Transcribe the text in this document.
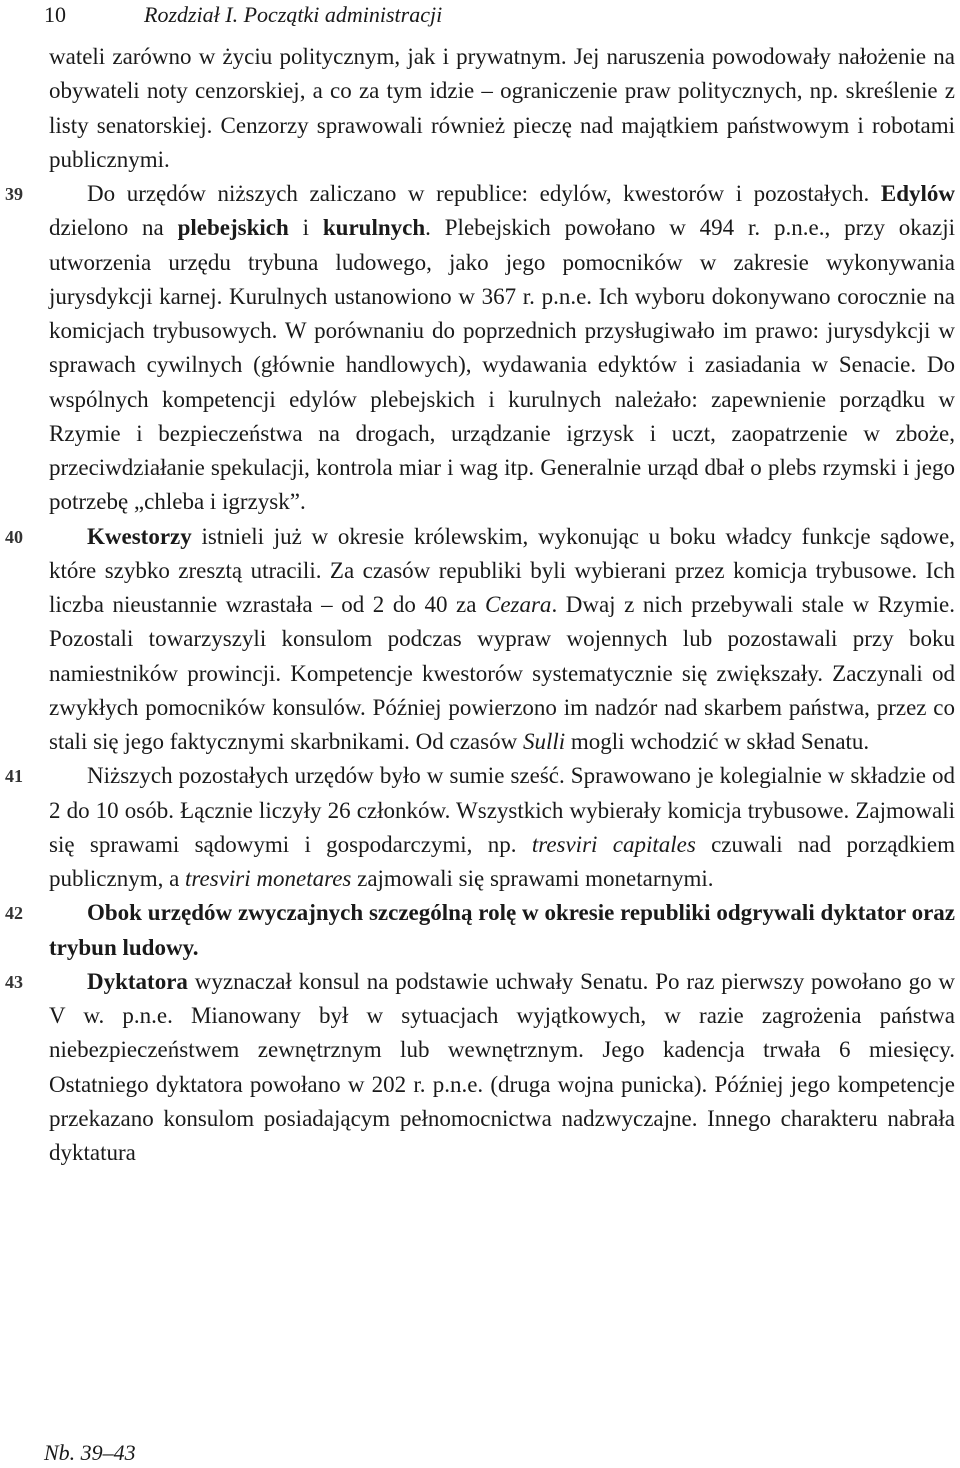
10	Rozdział I. Początki administracji

wateli zarówno w życiu politycznym, jak i prywatnym. Jej naruszenia powodowały nałożenie na obywateli noty cenzorskiej, a co za tym idzie – ograniczenie praw politycznych, np. skreślenie z listy senatorskiej. Cenzorzy sprawowali również pieczę nad majątkiem państwowym i robotami publicznymi.

39	Do urzędów niższych zaliczano w republice: edylów, kwestorów i pozostałych. Edylów dzielono na plebejskich i kurulnych. Plebejskich powołano w 494 r. p.n.e., przy okazji utworzenia urzędu trybuna ludowego, jako jego pomocników w zakresie wykonywania jurysdykcji karnej. Kurulnych ustanowiono w 367 r. p.n.e. Ich wyboru dokonywano corocznie na komicjach trybusowych. W porównaniu do poprzednich przysługiwało im prawo: jurysdykcji w sprawach cywilnych (głównie handlowych), wydawania edyktów i zasiadania w Senacie. Do wspólnych kompetencji edylów plebejskich i kurulnych należało: zapewnienie porządku w Rzymie i bezpieczeństwa na drogach, urządzanie igrzysk i uczt, zaopatrzenie w zboże, przeciwdziałanie spekulacji, kontrola miar i wag itp. Generalnie urząd dbał o plebs rzymski i jego potrzebę „chleba i igrzysk”.

40	Kwestorzy istnieli już w okresie królewskim, wykonując u boku władcy funkcje sądowe, które szybko zresztą utracili. Za czasów republiki byli wybierani przez komicja trybusowe. Ich liczba nieustannie wzrastała – od 2 do 40 za Cezara. Dwaj z nich przebywali stale w Rzymie. Pozostali towarzyszyli konsulom podczas wypraw wojennych lub pozostawali przy boku namiestników prowincji. Kompetencje kwestorów systematycznie się zwiększały. Zaczynali od zwykłych pomocników konsulów. Później powierzono im nadzór nad skarbem państwa, przez co stali się jego faktycznymi skarbnikami. Od czasów Sulli mogli wchodzić w skład Senatu.

41	Niższych pozostałych urzędów było w sumie sześć. Sprawowano je kolegialnie w składzie od 2 do 10 osób. Łącznie liczyły 26 członków. Wszystkich wybierały komicja trybusowe. Zajmowali się sprawami sądowymi i gospodarczymi, np. tresviri capitales czuwali nad porządkiem publicznym, a tresviri monetares zajmowali się sprawami monetarnymi.

42	Obok urzędów zwyczajnych szczególną rolę w okresie republiki odgrywali dyktator oraz trybun ludowy.

43	Dyktatora wyznaczał konsul na podstawie uchwały Senatu. Po raz pierwszy powołano go w V w. p.n.e. Mianowany był w sytuacjach wyjątkowych, w razie zagrożenia państwa niebezpieczeństwem zewnętrznym lub wewnętrznym. Jego kadencja trwała 6 miesięcy. Ostatniego dyktatora powołano w 202 r. p.n.e. (druga wojna punicka). Później jego kompetencje przekazano konsulom posiadającym pełnomocnictwa nadzwyczajne. Innego charakteru nabrała dyktatura

Nb. 39–43
